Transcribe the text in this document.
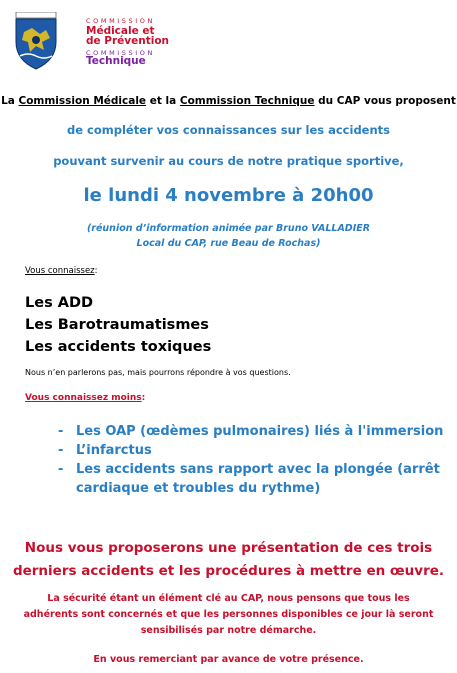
COMMISSION
Médicale et
de Prévention
COMMISSION
Technique
La Commission Médicale et la Commission Technique du CAP vous proposent
de compléter vos connaissances sur les accidents
pouvant survenir au cours de notre pratique sportive,
le lundi 4 novembre à 20h00
(réunion d’information animée par Bruno VALLADIER
Local du CAP, rue Beau de Rochas)
Vous connaissez:
Les ADD
Les Barotraumatismes
Les accidents toxiques
Nous n’en parlerons pas, mais pourrons répondre à vos questions.
Vous connaissez moins:
- Les OAP (œdèmes pulmonaires) liés à l'immersion
- L’infarctus
- Les accidents sans rapport avec la plongée (arrêt
cardiaque et troubles du rythme)
Nous vous proposerons une présentation de ces trois
derniers accidents et les procédures à mettre en œuvre.
La sécurité étant un élément clé au CAP, nous pensons que tous les
adhérents sont concernés et que les personnes disponibles ce jour là seront
sensibilisés par notre démarche.
En vous remerciant par avance de votre présence.
